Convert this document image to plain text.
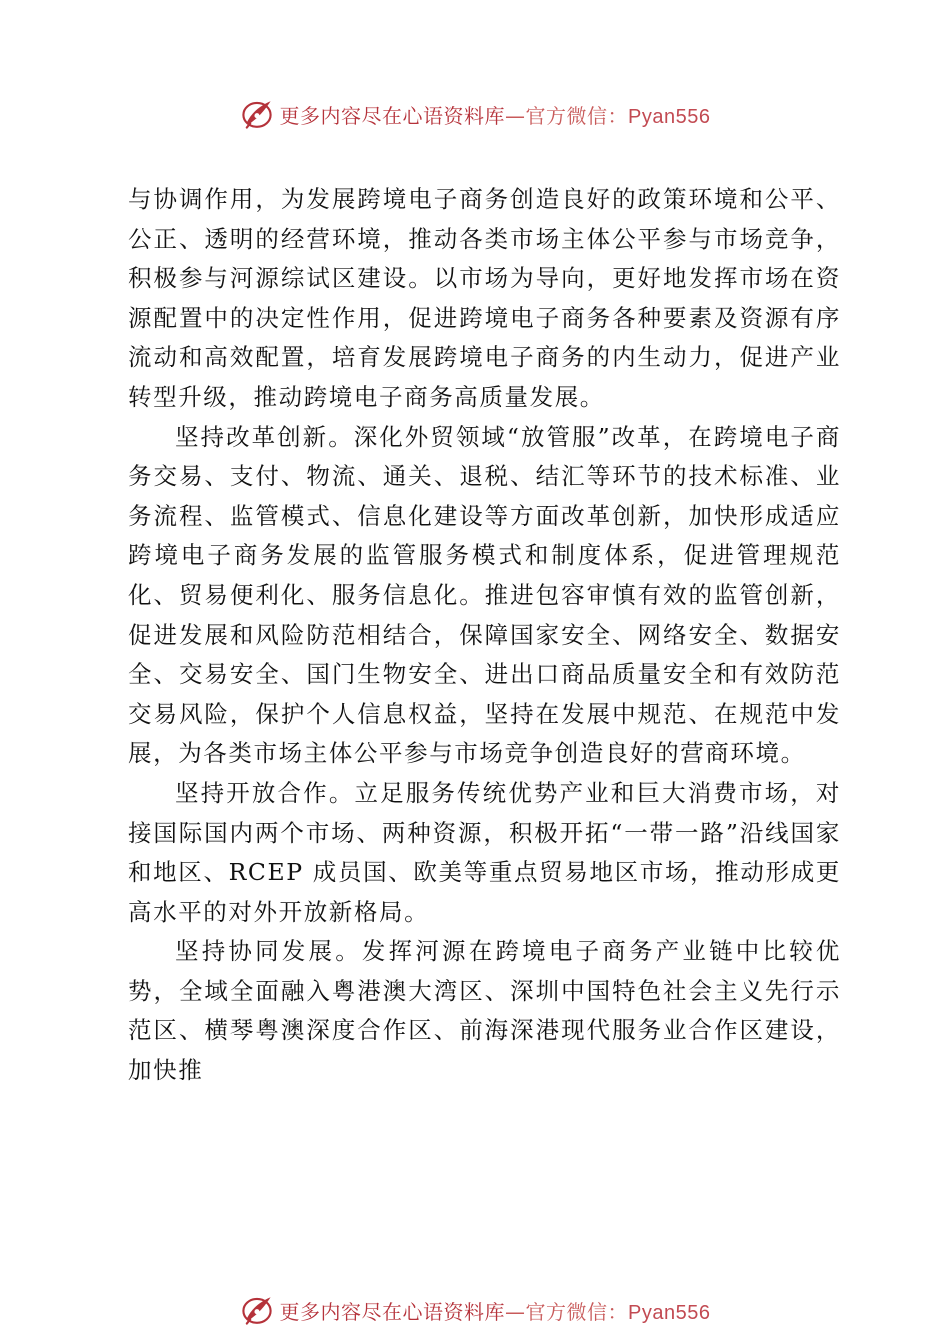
更多内容尽在心语资料库—官方微信：Pyan556

与协调作用，为发展跨境电子商务创造良好的政策环境和公平、公正、透明的经营环境，推动各类市场主体公平参与市场竞争，积极参与河源综试区建设。以市场为导向，更好地发挥市场在资源配置中的决定性作用，促进跨境电子商务各种要素及资源有序流动和高效配置，培育发展跨境电子商务的内生动力，促进产业转型升级，推动跨境电子商务高质量发展。

坚持改革创新。深化外贸领域“放管服”改革，在跨境电子商务交易、支付、物流、通关、退税、结汇等环节的技术标准、业务流程、监管模式、信息化建设等方面改革创新，加快形成适应跨境电子商务发展的监管服务模式和制度体系，促进管理规范化、贸易便利化、服务信息化。推进包容审慎有效的监管创新， 促进发展和风险防范相结合，保障国家安全、网络安全、数据安全、交易安全、国门生物安全、进出口商品质量安全和有效防范交易风险，保护个人信息权益，坚持在发展中规范、在规范中发展，为各类市场主体公平参与市场竞争创造良好的营商环境。

坚持开放合作。立足服务传统优势产业和巨大消费市场，对接国际国内两个市场、两种资源，积极开拓“一带一路”沿线国家和地区、RCEP 成员国、欧美等重点贸易地区市场，推动形成更高水平的对外开放新格局。

坚持协同发展。发挥河源在跨境电子商务产业链中比较优势，全域全面融入粤港澳大湾区、深圳中国特色社会主义先行示范区、横琴粤澳深度合作区、前海深港现代服务业合作区建设，加快推

更多内容尽在心语资料库—官方微信：Pyan556
